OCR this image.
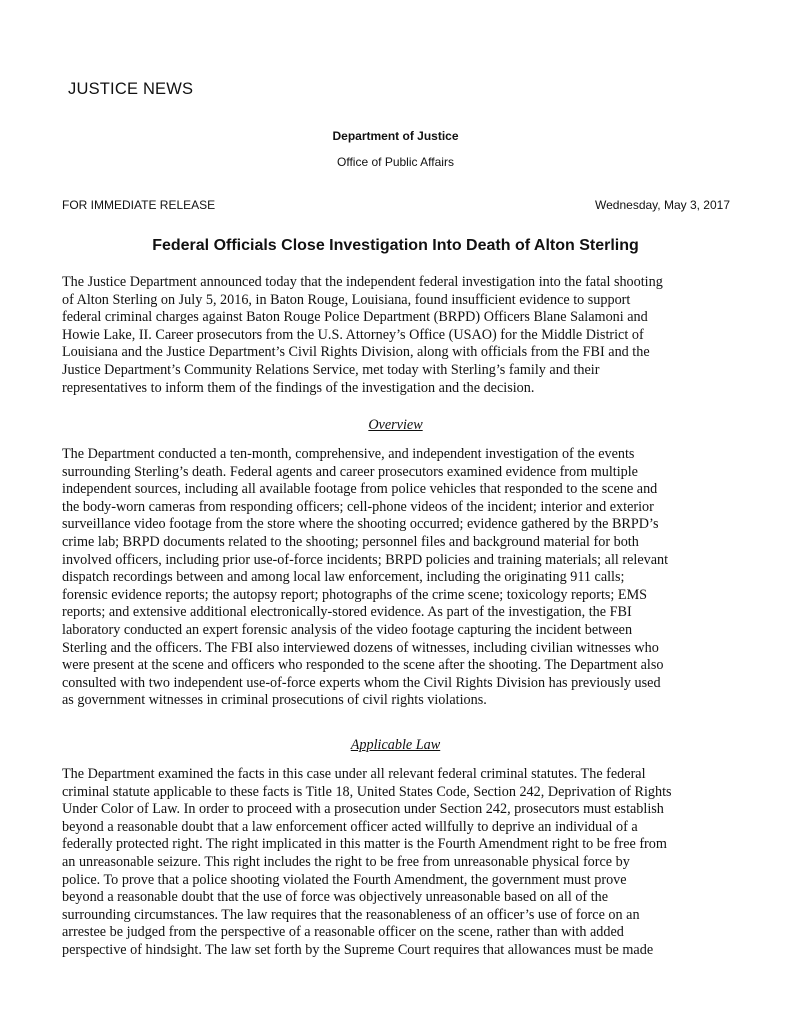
JUSTICE NEWS
Department of Justice
Office of Public Affairs
FOR IMMEDIATE RELEASE	Wednesday, May 3, 2017
Federal Officials Close Investigation Into Death of Alton Sterling
The Justice Department announced today that the independent federal investigation into the fatal shooting
of Alton Sterling on July 5, 2016, in Baton Rouge, Louisiana, found insufficient evidence to support
federal criminal charges against Baton Rouge Police Department (BRPD) Officers Blane Salamoni and
Howie Lake, II. Career prosecutors from the U.S. Attorney’s Office (USAO) for the Middle District of
Louisiana and the Justice Department’s Civil Rights Division, along with officials from the FBI and the
Justice Department’s Community Relations Service, met today with Sterling’s family and their
representatives to inform them of the findings of the investigation and the decision.
Overview
The Department conducted a ten-month, comprehensive, and independent investigation of the events
surrounding Sterling’s death. Federal agents and career prosecutors examined evidence from multiple
independent sources, including all available footage from police vehicles that responded to the scene and
the body-worn cameras from responding officers; cell-phone videos of the incident; interior and exterior
surveillance video footage from the store where the shooting occurred; evidence gathered by the BRPD’s
crime lab; BRPD documents related to the shooting; personnel files and background material for both
involved officers, including prior use-of-force incidents; BRPD policies and training materials; all relevant
dispatch recordings between and among local law enforcement, including the originating 911 calls;
forensic evidence reports; the autopsy report; photographs of the crime scene; toxicology reports; EMS
reports; and extensive additional electronically-stored evidence. As part of the investigation, the FBI
laboratory conducted an expert forensic analysis of the video footage capturing the incident between
Sterling and the officers. The FBI also interviewed dozens of witnesses, including civilian witnesses who
were present at the scene and officers who responded to the scene after the shooting. The Department also
consulted with two independent use-of-force experts whom the Civil Rights Division has previously used
as government witnesses in criminal prosecutions of civil rights violations.
Applicable Law
The Department examined the facts in this case under all relevant federal criminal statutes. The federal
criminal statute applicable to these facts is Title 18, United States Code, Section 242, Deprivation of Rights
Under Color of Law. In order to proceed with a prosecution under Section 242, prosecutors must establish
beyond a reasonable doubt that a law enforcement officer acted willfully to deprive an individual of a
federally protected right. The right implicated in this matter is the Fourth Amendment right to be free from
an unreasonable seizure. This right includes the right to be free from unreasonable physical force by
police. To prove that a police shooting violated the Fourth Amendment, the government must prove
beyond a reasonable doubt that the use of force was objectively unreasonable based on all of the
surrounding circumstances. The law requires that the reasonableness of an officer’s use of force on an
arrestee be judged from the perspective of a reasonable officer on the scene, rather than with added
perspective of hindsight. The law set forth by the Supreme Court requires that allowances must be made
